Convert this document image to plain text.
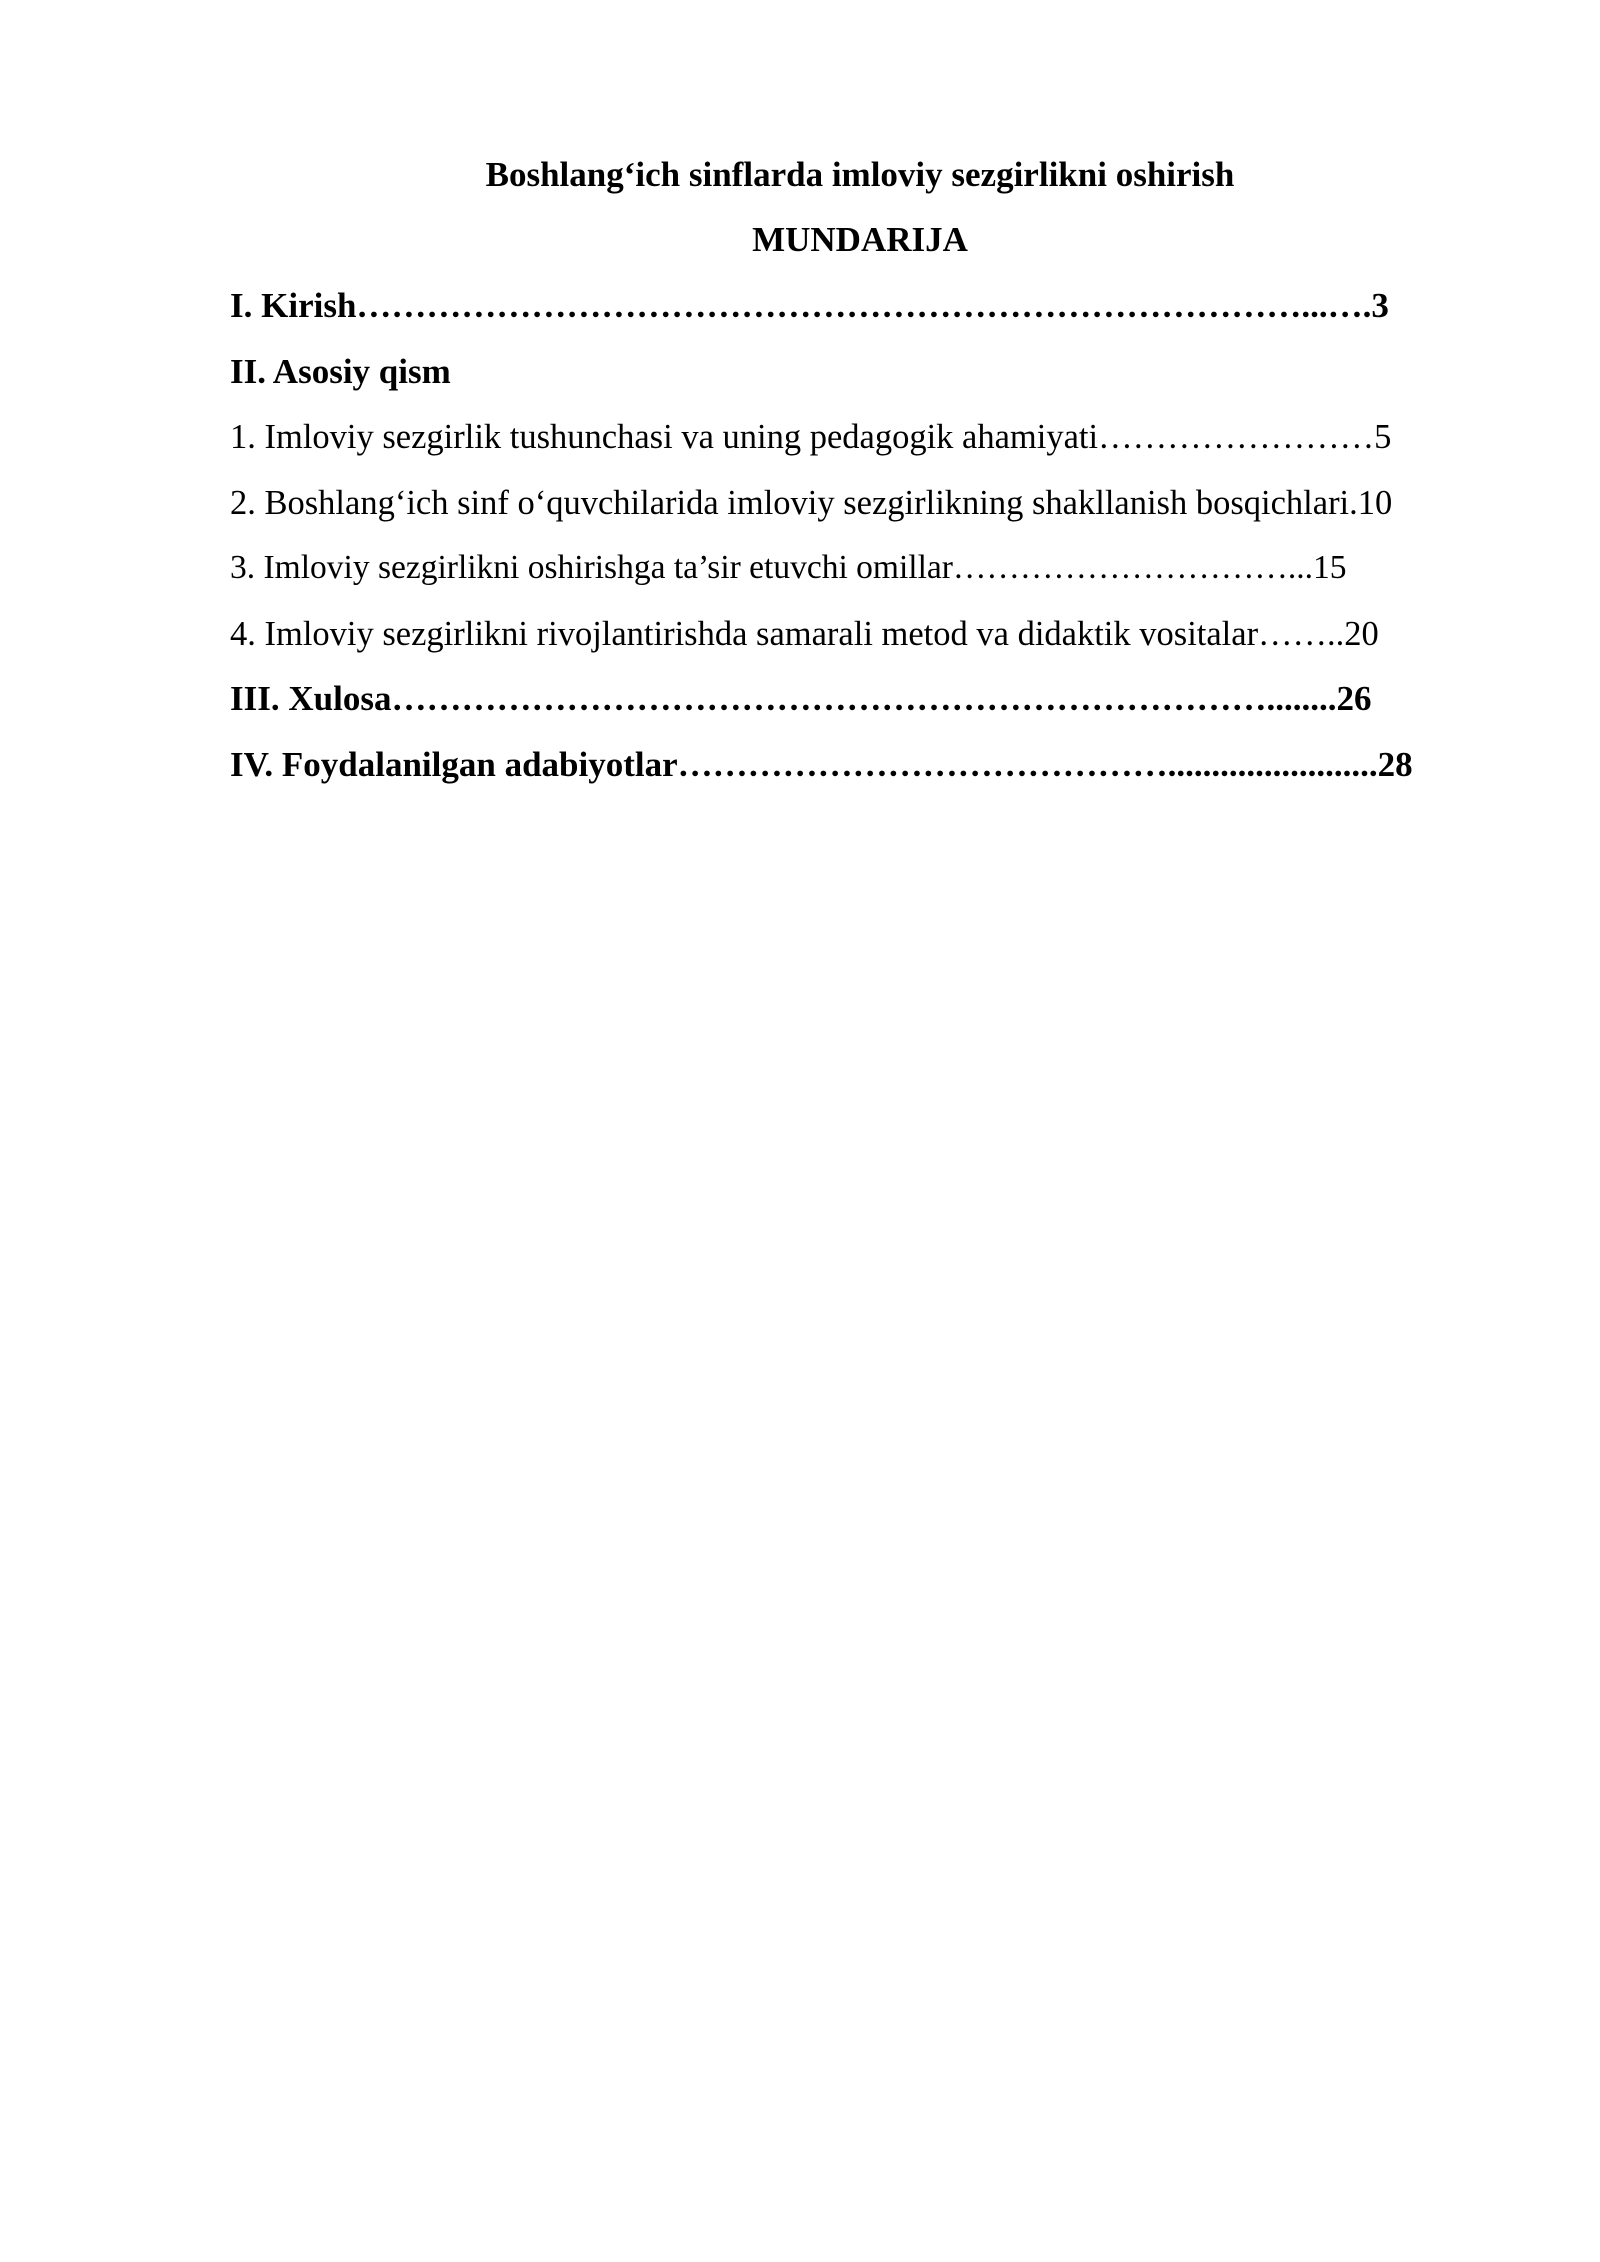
Boshlang‘ich sinflarda imloviy sezgirlikni oshirish
MUNDARIJA
I. Kirish………………………………………………………………………...….3
II. Asosiy qism
1. Imloviy sezgirlik tushunchasi va uning pedagogik ahamiyati……………………5
2. Boshlang‘ich sinf o‘quvchilarida imloviy sezgirlikning shakllanish bosqichlari.10
3. Imloviy sezgirlikni oshirishga ta’sir etuvchi omillar…………………………...15
4. Imloviy sezgirlikni rivojlantirishda samarali metod va didaktik vositalar……..20
III. Xulosa…………………………………………………………………........26
IV. Foydalanilgan adabiyotlar……………………………………........................28
